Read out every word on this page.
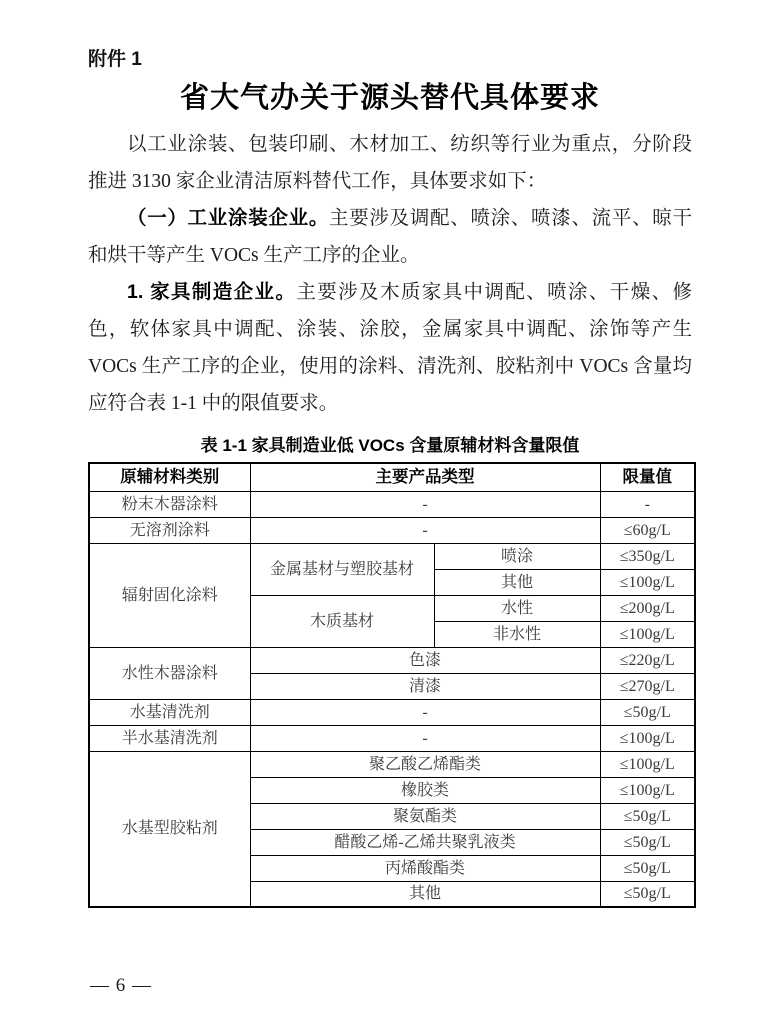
附件 1
省大气办关于源头替代具体要求

以工业涂装、包装印刷、木材加工、纺织等行业为重点，分阶段推进 3130 家企业清洁原料替代工作，具体要求如下：

（一）工业涂装企业。主要涉及调配、喷涂、喷漆、流平、晾干和烘干等产生 VOCs 生产工序的企业。

1. 家具制造企业。主要涉及木质家具中调配、喷涂、干燥、修色，软体家具中调配、涂装、涂胶，金属家具中调配、涂饰等产生 VOCs 生产工序的企业，使用的涂料、清洗剂、胶粘剂中 VOCs 含量均应符合表 1-1 中的限值要求。

表 1-1 家具制造业低 VOCs 含量原辅材料含量限值
原辅材料类别	主要产品类型		限量值
粉末木器涂料	-		-
无溶剂涂料	-		≤60g/L
辐射固化涂料	金属基材与塑胶基材	喷涂	≤350g/L
		其他	≤100g/L
	木质基材	水性	≤200g/L
		非水性	≤100g/L
水性木器涂料	色漆		≤220g/L
	清漆		≤270g/L
水基清洗剂	-		≤50g/L
半水基清洗剂	-		≤100g/L
水基型胶粘剂	聚乙酸乙烯酯类		≤100g/L
	橡胶类		≤100g/L
	聚氨酯类		≤50g/L
	醋酸乙烯-乙烯共聚乳液类		≤50g/L
	丙烯酸酯类		≤50g/L
	其他		≤50g/L
— 6 —
